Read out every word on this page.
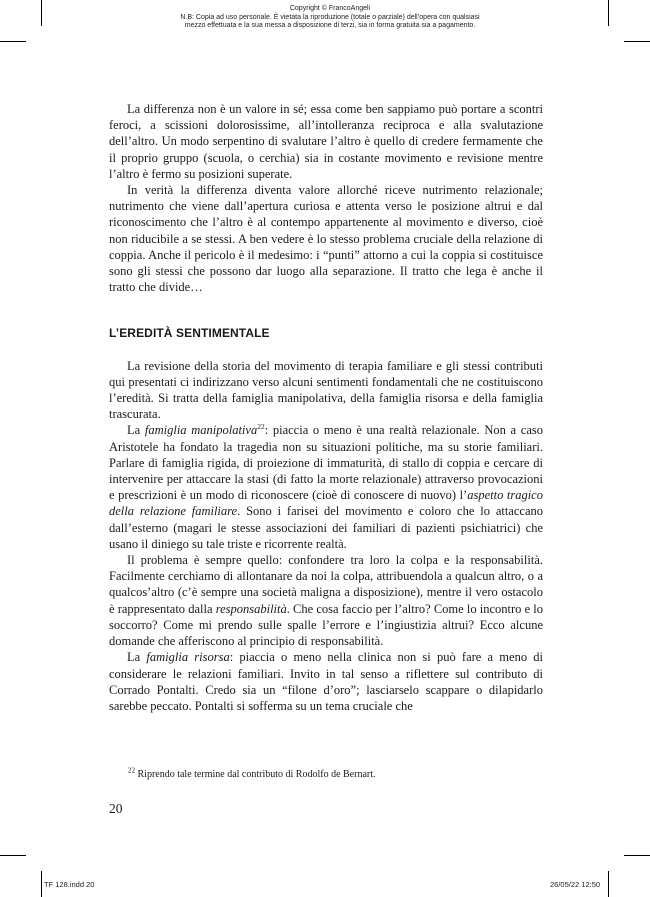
Copyright © FrancoAngeli
N.B: Copia ad uso personale. È vietata la riproduzione (totale o parziale) dell’opera con qualsiasi
mezzo effettuata e la sua messa a disposizione di terzi, sia in forma gratuita sia a pagamento.

La differenza non è un valore in sé; essa come ben sappiamo può portare a scontri feroci, a scissioni dolorosissime, all’intolleranza reciproca e alla svalutazione dell’altro. Un modo serpentino di svalutare l’altro è quello di credere fermamente che il proprio gruppo (scuola, o cerchia) sia in costante movimento e revisione mentre l’altro è fermo su posizioni superate.

In verità la differenza diventa valore allorché riceve nutrimento relazionale; nutrimento che viene dall’apertura curiosa e attenta verso le posizione altrui e dal riconoscimento che l’altro è al contempo appartenente al movimento e diverso, cioè non riducibile a se stessi. A ben vedere è lo stesso problema cruciale della relazione di coppia. Anche il pericolo è il medesimo: i “punti” attorno a cui la coppia si costituisce sono gli stessi che possono dar luogo alla separazione. Il tratto che lega è anche il tratto che divide…

L’EREDITÀ SENTIMENTALE

La revisione della storia del movimento di terapia familiare e gli stessi contributi qui presentati ci indirizzano verso alcuni sentimenti fondamentali che ne costituiscono l’eredità. Si tratta della famiglia manipolativa, della famiglia risorsa e della famiglia trascurata.

La famiglia manipolativa$^{22}$: piaccia o meno è una realtà relazionale. Non a caso Aristotele ha fondato la tragedia non su situazioni politiche, ma su storie familiari. Parlare di famiglia rigida, di proiezione di immaturità, di stallo di coppia e cercare di intervenire per attaccare la stasi (di fatto la morte relazionale) attraverso provocazioni e prescrizioni è un modo di riconoscere (cioè di conoscere di nuovo) l’aspetto tragico della relazione familiare. Sono i farisei del movimento e coloro che lo attaccano dall’esterno (magari le stesse associazioni dei familiari di pazienti psichiatrici) che usano il diniego su tale triste e ricorrente realtà.

Il problema è sempre quello: confondere tra loro la colpa e la responsabilità. Facilmente cerchiamo di allontanare da noi la colpa, attribuendola a qualcun altro, o a qualcos’altro (c’è sempre una società maligna a disposizione), mentre il vero ostacolo è rappresentato dalla responsabilità. Che cosa faccio per l’altro? Come lo incontro e lo soccorro? Come mi prendo sulle spalle l’errore e l’ingiustizia altrui? Ecco alcune domande che afferiscono al principio di responsabilità.

La famiglia risorsa: piaccia o meno nella clinica non si può fare a meno di considerare le relazioni familiari. Invito in tal senso a riflettere sul contributo di Corrado Pontalti. Credo sia un “filone d’oro”; lasciarselo scappare o dilapidarlo sarebbe peccato. Pontalti si sofferma su un tema cruciale che

$^{22}$ Riprendo tale termine dal contributo di Rodolfo de Bernart.
20
TF 128.indd 20	26/05/22 12:50
